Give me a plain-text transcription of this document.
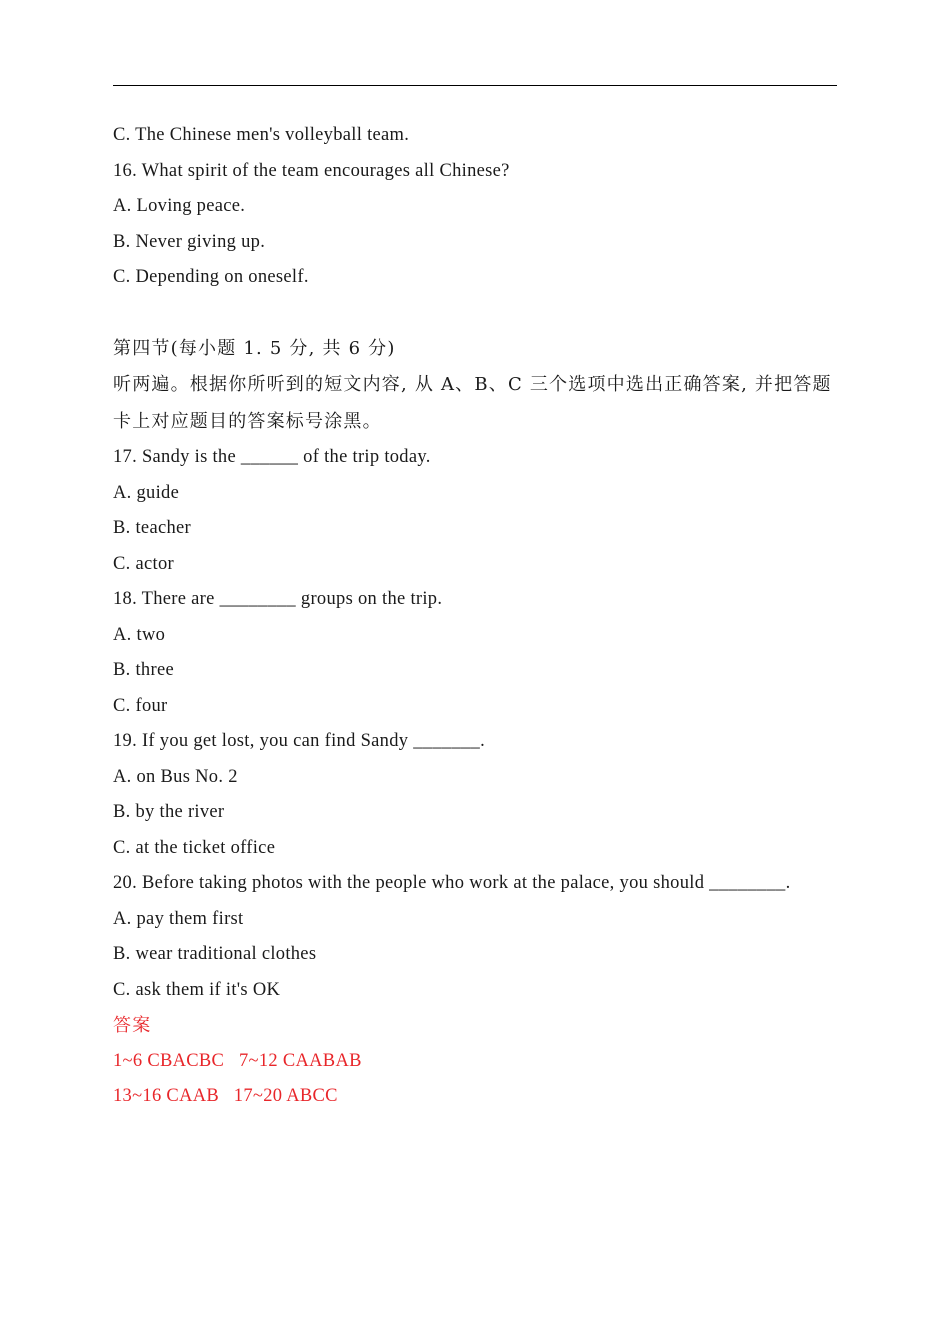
C. The Chinese men's volleyball team.
16. What spirit of the team encourages all Chinese?
A. Loving peace.
B. Never giving up.
C. Depending on oneself.
第四节(每小题 1. 5 分, 共 6 分)
听两遍。根据你所听到的短文内容, 从 A、B、C 三个选项中选出正确答案, 并把答题卡上对应题目的答案标号涂黑。
17. Sandy is the ______ of the trip today.
A. guide
B. teacher
C. actor
18. There are ________ groups on the trip.
A. two
B. three
C. four
19. If you get lost, you can find Sandy _______.
A. on Bus No. 2
B. by the river
C. at the ticket office
20. Before taking photos with the people who work at the palace, you should ________.
A. pay them first
B. wear traditional clothes
C. ask them if it's OK
答案
1~6 CBACBC   7~12 CAABAB
13~16 CAAB   17~20 ABCC
